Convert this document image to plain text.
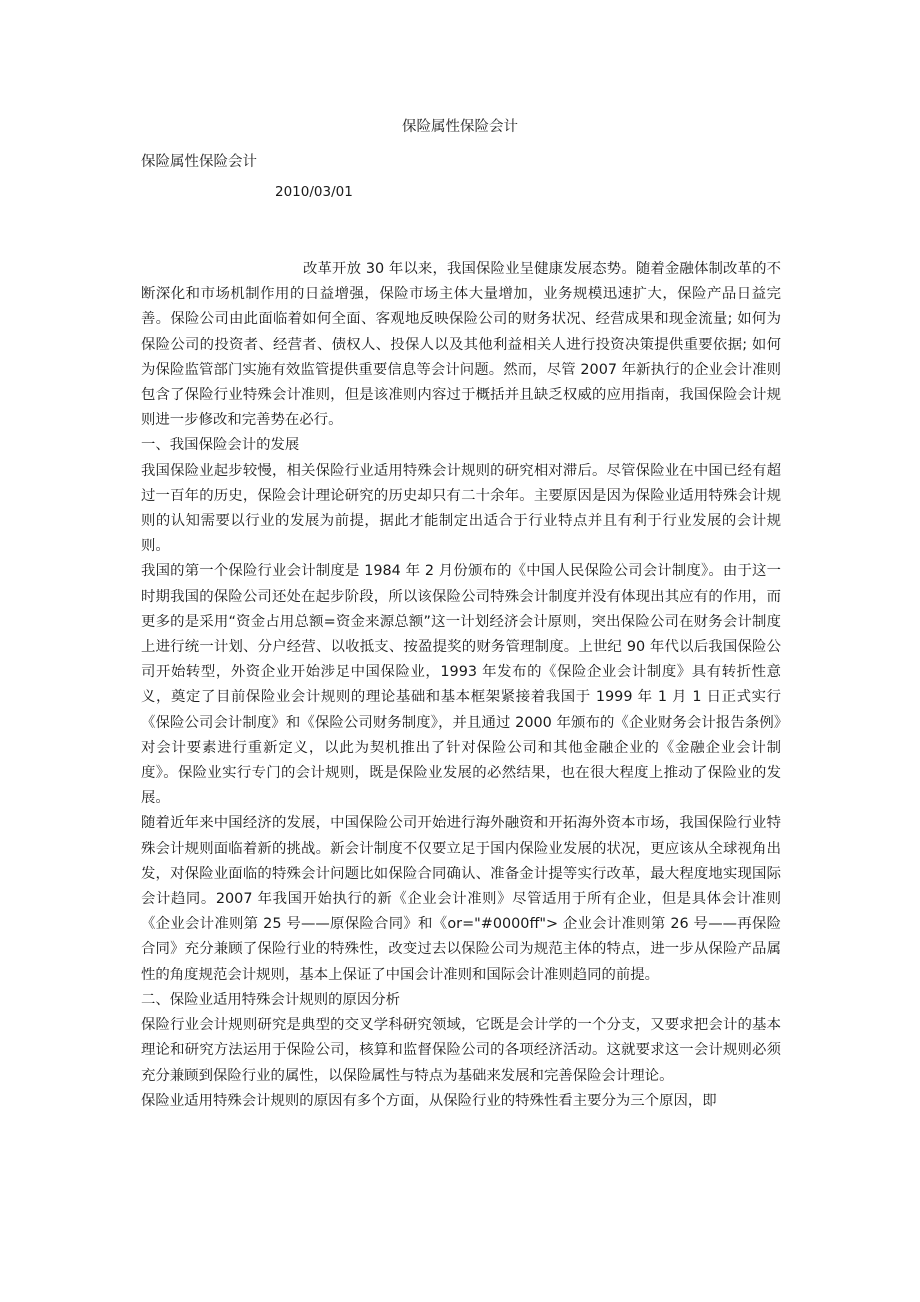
保险属性保险会计
保险属性保险会计
2010/03/01

改革开放 30 年以来，我国保险业呈健康发展态势。随着金融体制改革的不断深化和市场机制作用的日益增强，保险市场主体大量增加，业务规模迅速扩大，保险产品日益完善。保险公司由此面临着如何全面、客观地反映保险公司的财务状况、经营成果和现金流量; 如何为保险公司的投资者、经营者、债权人、投保人以及其他利益相关人进行投资决策提供重要依据; 如何为保险监管部门实施有效监管提供重要信息等会计问题。然而，尽管 2007 年新执行的企业会计准则包含了保险行业特殊会计准则，但是该准则内容过于概括并且缺乏权威的应用指南，我国保险会计规则进一步修改和完善势在必行。

一、我国保险会计的发展

我国保险业起步较慢，相关保险行业适用特殊会计规则的研究相对滞后。尽管保险业在中国已经有超过一百年的历史，保险会计理论研究的历史却只有二十余年。主要原因是因为保险业适用特殊会计规则的认知需要以行业的发展为前提，据此才能制定出适合于行业特点并且有利于行业发展的会计规则。

我国的第一个保险行业会计制度是 1984 年 2 月份颁布的《中国人民保险公司会计制度》。由于这一时期我国的保险公司还处在起步阶段，所以该保险公司特殊会计制度并没有体现出其应有的作用，而更多的是采用“资金占用总额=资金来源总额”这一计划经济会计原则，突出保险公司在财务会计制度上进行统一计划、分户经营、以收抵支、按盈提奖的财务管理制度。上世纪 90 年代以后我国保险公司开始转型，外资企业开始涉足中国保险业，1993 年发布的《保险企业会计制度》具有转折性意义，奠定了目前保险业会计规则的理论基础和基本框架紧接着我国于 1999 年 1 月 1 日正式实行《保险公司会计制度》和《保险公司财务制度》，并且通过 2000 年颁布的《企业财务会计报告条例》对会计要素进行重新定义，以此为契机推出了针对保险公司和其他金融企业的《金融企业会计制度》。保险业实行专门的会计规则，既是保险业发展的必然结果，也在很大程度上推动了保险业的发展。

随着近年来中国经济的发展，中国保险公司开始进行海外融资和开拓海外资本市场，我国保险行业特殊会计规则面临着新的挑战。新会计制度不仅要立足于国内保险业发展的状况，更应该从全球视角出发，对保险业面临的特殊会计问题比如保险合同确认、准备金计提等实行改革，最大程度地实现国际会计趋同。2007 年我国开始执行的新《企业会计准则》尽管适用于所有企业，但是具体会计准则《企业会计准则第 25 号——原保险合同》和《or="#0000ff"> 企业会计准则第 26 号——再保险合同》充分兼顾了保险行业的特殊性，改变过去以保险公司为规范主体的特点，进一步从保险产品属性的角度规范会计规则，基本上保证了中国会计准则和国际会计准则趋同的前提。

二、保险业适用特殊会计规则的原因分析

保险行业会计规则研究是典型的交叉学科研究领域，它既是会计学的一个分支，又要求把会计的基本理论和研究方法运用于保险公司，核算和监督保险公司的各项经济活动。这就要求这一会计规则必须充分兼顾到保险行业的属性，以保险属性与特点为基础来发展和完善保险会计理论。

保险业适用特殊会计规则的原因有多个方面，从保险行业的特殊性看主要分为三个原因，即
